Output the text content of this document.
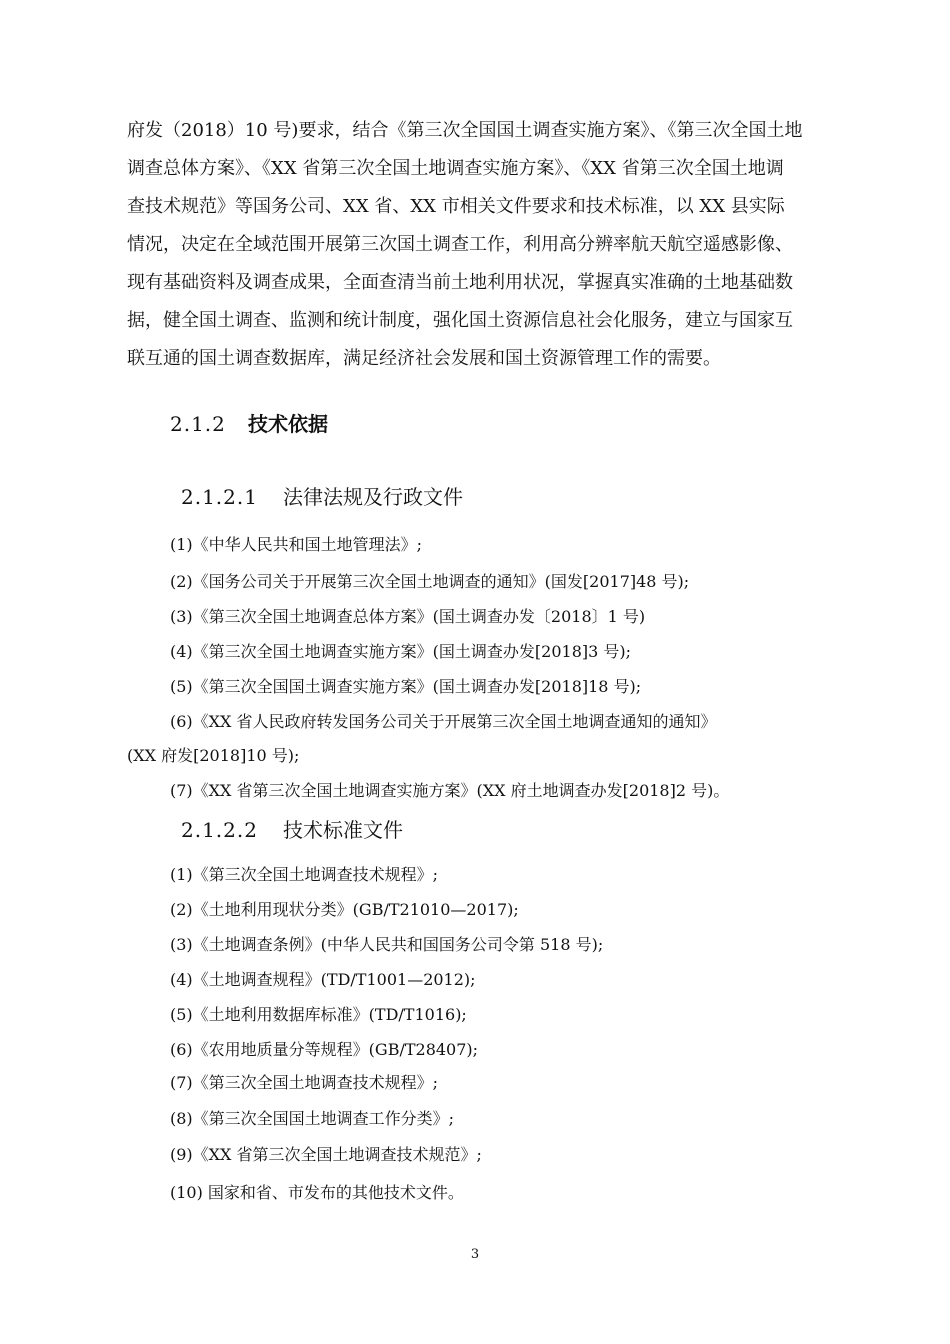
府发（2018）10 号)要求，结合《第三次全国国土调查实施方案》、《第三次全国土地
调查总体方案》、《XX 省第三次全国土地调查实施方案》、《XX 省第三次全国土地调
查技术规范》等国务公司、XX 省、XX 市相关文件要求和技术标准，以 XX 县实际
情况，决定在全域范围开展第三次国土调查工作，利用高分辨率航天航空遥感影像、
现有基础资料及调查成果，全面查清当前土地利用状况，掌握真实准确的土地基础数
据，健全国土调查、监测和统计制度，强化国土资源信息社会化服务，建立与国家互
联互通的国土调查数据库，满足经济社会发展和国土资源管理工作的需要。
2.1.2 技术依据
2.1.2.1 法律法规及行政文件
(1)《中华人民共和国土地管理法》;
(2)《国务公司关于开展第三次全国土地调查的通知》(国发[2017]48 号);
(3)《第三次全国土地调查总体方案》(国土调查办发〔2018〕1 号)
(4)《第三次全国土地调查实施方案》(国土调查办发[2018]3 号);
(5)《第三次全国国土调查实施方案》(国土调查办发[2018]18 号);
(6)《XX 省人民政府转发国务公司关于开展第三次全国土地调查通知的通知》
(XX 府发[2018]10 号);
(7)《XX 省第三次全国土地调查实施方案》(XX 府土地调查办发[2018]2 号)。
2.1.2.2 技术标准文件
(1)《第三次全国土地调查技术规程》;
(2)《土地利用现状分类》(GB/T21010—2017);
(3)《土地调查条例》(中华人民共和国国务公司令第 518 号);
(4)《土地调查规程》(TD/T1001—2012);
(5)《土地利用数据库标准》(TD/T1016);
(6)《农用地质量分等规程》(GB/T28407);
(7)《第三次全国土地调查技术规程》;
(8)《第三次全国国土地调查工作分类》;
(9)《XX 省第三次全国土地调查技术规范》;
(10) 国家和省、市发布的其他技术文件。
3
